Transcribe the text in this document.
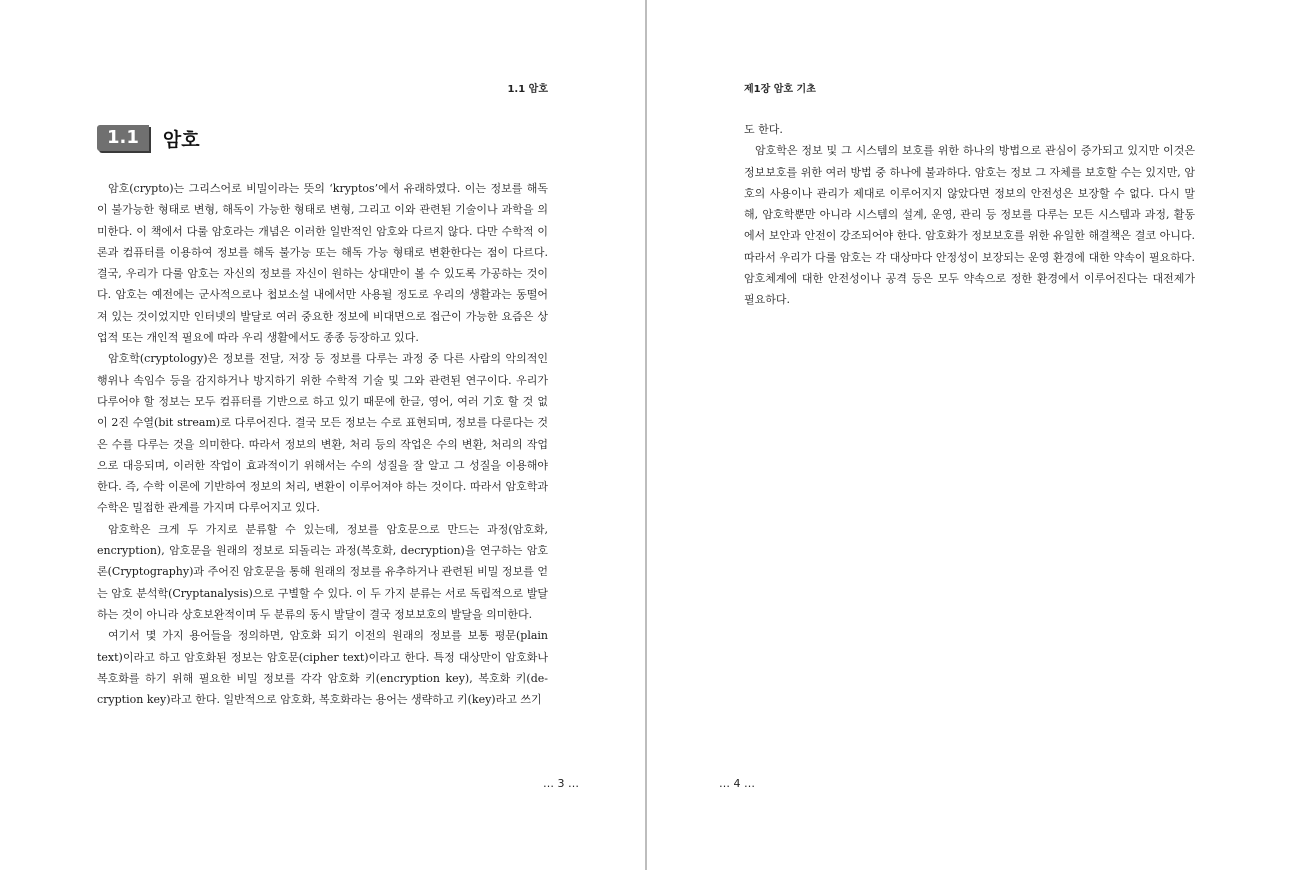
1.1 암호
1.1	암호

암호(crypto)는 그리스어로 비밀이라는 뜻의 ‘kryptos’에서 유래하였다. 이는 정보를 해독이 불가능한 형태로 변형, 해독이 가능한 형태로 변형, 그리고 이와 관련된 기술이나 과학을 의미한다. 이 책에서 다룰 암호라는 개념은 이러한 일반적인 암호와 다르지 않다. 다만 수학적 이론과 컴퓨터를 이용하여 정보를 해독 불가능 또는 해독 가능 형태로 변환한다는 점이 다르다. 결국, 우리가 다룰 암호는 자신의 정보를 자신이 원하는 상대만이 볼 수 있도록 가공하는 것이다. 암호는 예전에는 군사적으로나 첩보소설 내에서만 사용될 정도로 우리의 생활과는 동떨어져 있는 것이었지만 인터넷의 발달로 여러 중요한 정보에 비대면으로 접근이 가능한 요즘은 상업적 또는 개인적 필요에 따라 우리 생활에서도 종종 등장하고 있다.

암호학(cryptology)은 정보를 전달, 저장 등 정보를 다루는 과정 중 다른 사람의 악의적인 행위나 속임수 등을 감지하거나 방지하기 위한 수학적 기술 및 그와 관련된 연구이다. 우리가 다루어야 할 정보는 모두 컴퓨터를 기반으로 하고 있기 때문에 한글, 영어, 여러 기호 할 것 없이 2진 수열(bit stream)로 다루어진다. 결국 모든 정보는 수로 표현되며, 정보를 다룬다는 것은 수를 다루는 것을 의미한다. 따라서 정보의 변환, 처리 등의 작업은 수의 변환, 처리의 작업으로 대응되며, 이러한 작업이 효과적이기 위해서는 수의 성질을 잘 알고 그 성질을 이용해야 한다. 즉, 수학 이론에 기반하여 정보의 처리, 변환이 이루어져야 하는 것이다. 따라서 암호학과 수학은 밀접한 관계를 가지며 다루어지고 있다.

암호학은 크게 두 가지로 분류할 수 있는데, 정보를 암호문으로 만드는 과정(암호화, encryption), 암호문을 원래의 정보로 되돌리는 과정(복호화, decryption)을 연구하는 암호론(Cryptography)과 주어진 암호문을 통해 원래의 정보를 유추하거나 관련된 비밀 정보를 얻는 암호 분석학(Cryptanalysis)으로 구별할 수 있다. 이 두 가지 분류는 서로 독립적으로 발달하는 것이 아니라 상호보완적이며 두 분류의 동시 발달이 결국 정보보호의 발달을 의미한다.

여기서 몇 가지 용어들을 정의하면, 암호화 되기 이전의 원래의 정보를 보통 평문(plain text)이라고 하고 암호화된 정보는 암호문(cipher text)이라고 한다. 특정 대상만이 암호화나 복호화를 하기 위해 필요한 비밀 정보를 각각 암호화 키(encryption key), 복호화 키(de-cryption key)라고 한다. 일반적으로 암호화, 복호화라는 용어는 생략하고 키(key)라고 쓰기

… 3 …
제1장 암호 기초

도 한다.

암호학은 정보 및 그 시스템의 보호를 위한 하나의 방법으로 관심이 증가되고 있지만 이것은 정보보호를 위한 여러 방법 중 하나에 불과하다. 암호는 정보 그 자체를 보호할 수는 있지만, 암호의 사용이나 관리가 제대로 이루어지지 않았다면 정보의 안전성은 보장할 수 없다. 다시 말해, 암호학뿐만 아니라 시스템의 설계, 운영, 관리 등 정보를 다루는 모든 시스템과 과정, 활동에서 보안과 안전이 강조되어야 한다. 암호화가 정보보호를 위한 유일한 해결책은 결코 아니다. 따라서 우리가 다룰 암호는 각 대상마다 안정성이 보장되는 운영 환경에 대한 약속이 필요하다. 암호체계에 대한 안전성이나 공격 등은 모두 약속으로 정한 환경에서 이루어진다는 대전제가 필요하다.

… 4 …
